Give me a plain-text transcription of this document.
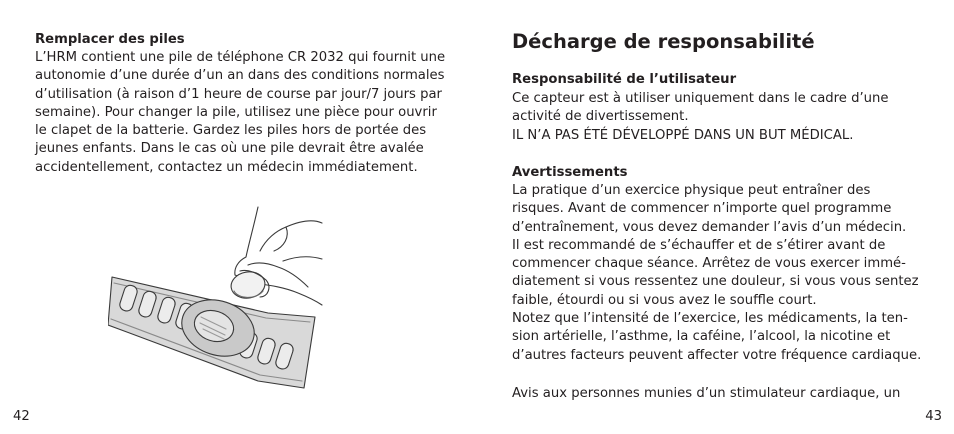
Remplacer des piles
L’HRM contient une pile de téléphone CR 2032 qui fournit une
autonomie d’une durée d’un an dans des conditions normales
d’utilisation (à raison d’1 heure de course par jour/7 jours par
semaine). Pour changer la pile, utilisez une pièce pour ouvrir
le clapet de la batterie. Gardez les piles hors de portée des
jeunes enfants. Dans le cas où une pile devrait être avalée
accidentellement, contactez un médecin immédiatement.
42
Décharge de responsabilité
Responsabilité de l’utilisateur
Ce capteur est à utiliser uniquement dans le cadre d’une
activité de divertissement.
IL N’A PAS ÉTÉ DÉVELOPPÉ DANS UN BUT MÉDICAL.
Avertissements
La pratique d’un exercice physique peut entraîner des
risques. Avant de commencer n’importe quel programme
d’entraînement, vous devez demander l’avis d’un médecin.
Il est recommandé de s’échauffer et de s’étirer avant de
commencer chaque séance. Arrêtez de vous exercer immé-
diatement si vous ressentez une douleur, si vous vous sentez
faible, étourdi ou si vous avez le souffle court.
Notez que l’intensité de l’exercice, les médicaments, la ten-
sion artérielle, l’asthme, la caféine, l’alcool, la nicotine et
d’autres facteurs peuvent affecter votre fréquence cardiaque.
Avis aux personnes munies d’un stimulateur cardiaque, un
43
